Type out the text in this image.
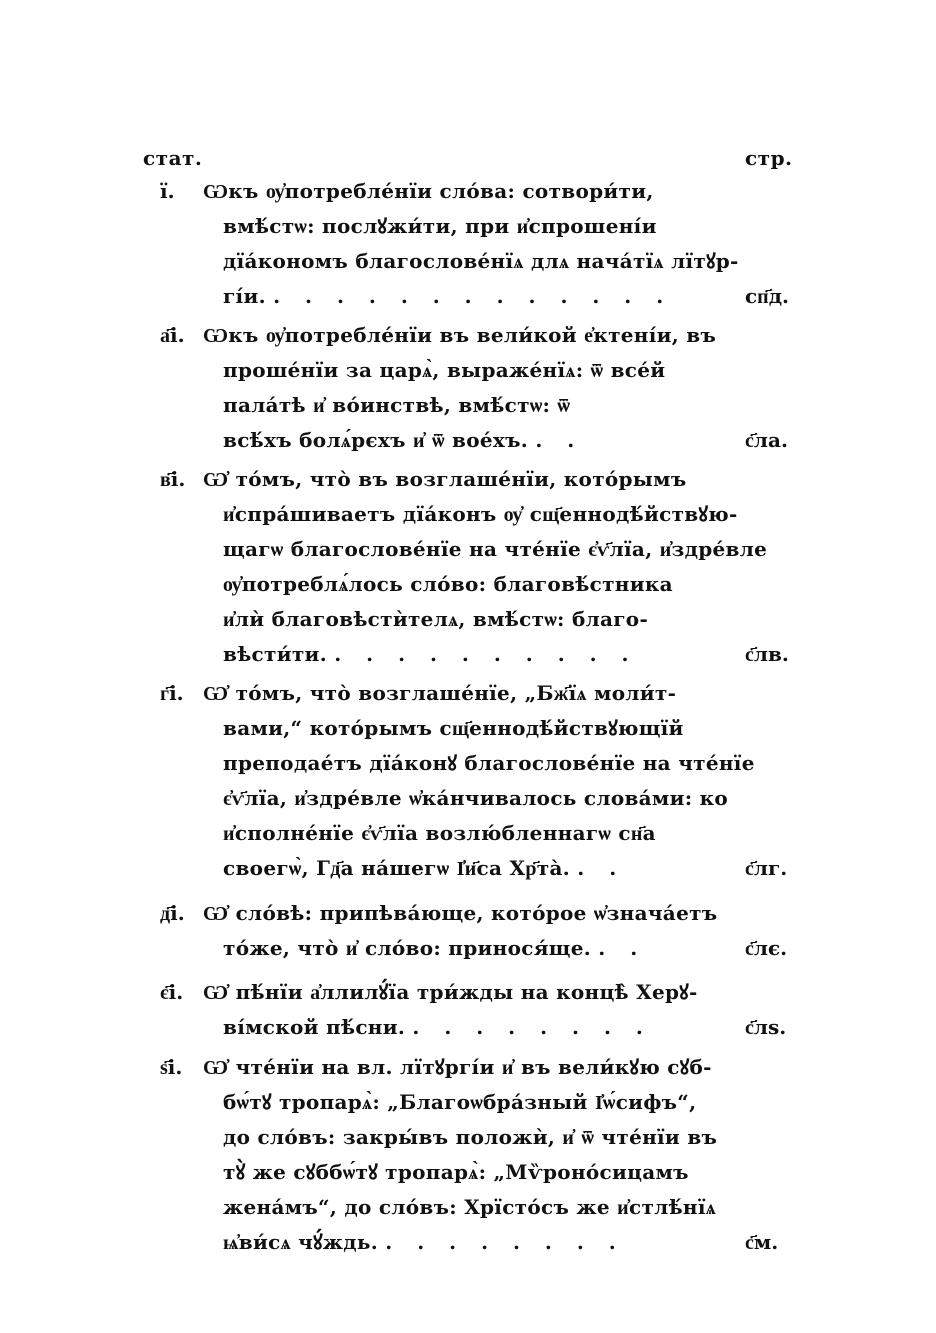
стат.	стр.
ї. Ѡкъ ѹ҆потребле́нїи сло́ва: сотвори́ти,
вмѣ́стѡ: послꙋжи́ти, при и҆спрошені́и
дїа́кономъ благослове́нїѧ длѧ нача́тїѧ лїтꙋр-
гі́и. . . . . . . . . . . . . .	сп҃д.
а҃і. Ѡкъ ѹ҆потребле́нїи въ вели́кой е҆ктені́и, въ
проше́нїи за царѧ̀, выраже́нїѧ: ѿ все́й
пала́тѣ и҆ во́инствѣ, вмѣ́стѡ: ѿ
всѣ́хъ болѧ́рєхъ и҆ ѿ вое́хъ. . .	с҃ла.
в҃і. Ѡ҆ то́мъ, что̀ въ возглаше́нїи, кото́рымъ
и҆спра́шиваетъ дїа́конъ ѹ҆ сщ҃еннодѣ́йствꙋю-
щагѡ благослове́нїе на чте́нїе є҆ѵ҃лїа, и҆здре́вле
ѹ҆потреблѧ́лось сло́во: благовѣ́стника
и҆лѝ благовѣстѝтелѧ, вмѣ́стѡ: благо-
вѣсти́ти. . . . . . . . . . .	с҃лв.
г҃і. Ѡ҆ то́мъ, что̀ возглаше́нїе, „Бж҃їѧ моли́т-
вами,“ кото́рымъ сщ҃еннодѣ́йствꙋющїй
преподае́тъ дїа́конꙋ благослове́нїе на чте́нїе
є҆ѵ҃лїа, и҆здре́вле ѡ҆ка́нчивалось слова́ми: ко
и҆сполне́нїе є҆ѵ҃лїа возлю́бленнагѡ сн҃а
своегѡ̀, Гд҃а на́шегѡ І҆и҃са Хр҃та̀. . .	с҃лг.
д҃і. Ѡ҆ сло́вѣ: припѣва́юще, кото́рое ѡ҆знача́етъ
то́же, что̀ и҆ сло́во: принося́ще. . .	с҃лє.
є҃і. Ѡ҆ пѣ́нїи а҆ллилꙋ́їа три́жды на концѣ̀ Херꙋ-
ві́мской пѣ́сни. . . . . . . . .	с҃лѕ.
ѕ҃і. Ѡ҆ чте́нїи на вл. лїтꙋргі́и и҆ въ вели́кꙋю сꙋб-
бѡ́тꙋ тропарѧ̀: „Благоѡбра́зный І҆ѡ́сифъ“,
до сло́въ: закры́въ положѝ, и҆ ѿ чте́нїи въ
тꙋ̀ же сꙋббѡ́тꙋ тропарѧ̀: „Мѷроно́сицамъ
жена́мъ“, до сло́въ: Хрїсто́съ же и҆стлѣ́нїѧ
ѩ҆ви́сѧ чꙋ́ждь. . . . . . . . .	с҃м.
